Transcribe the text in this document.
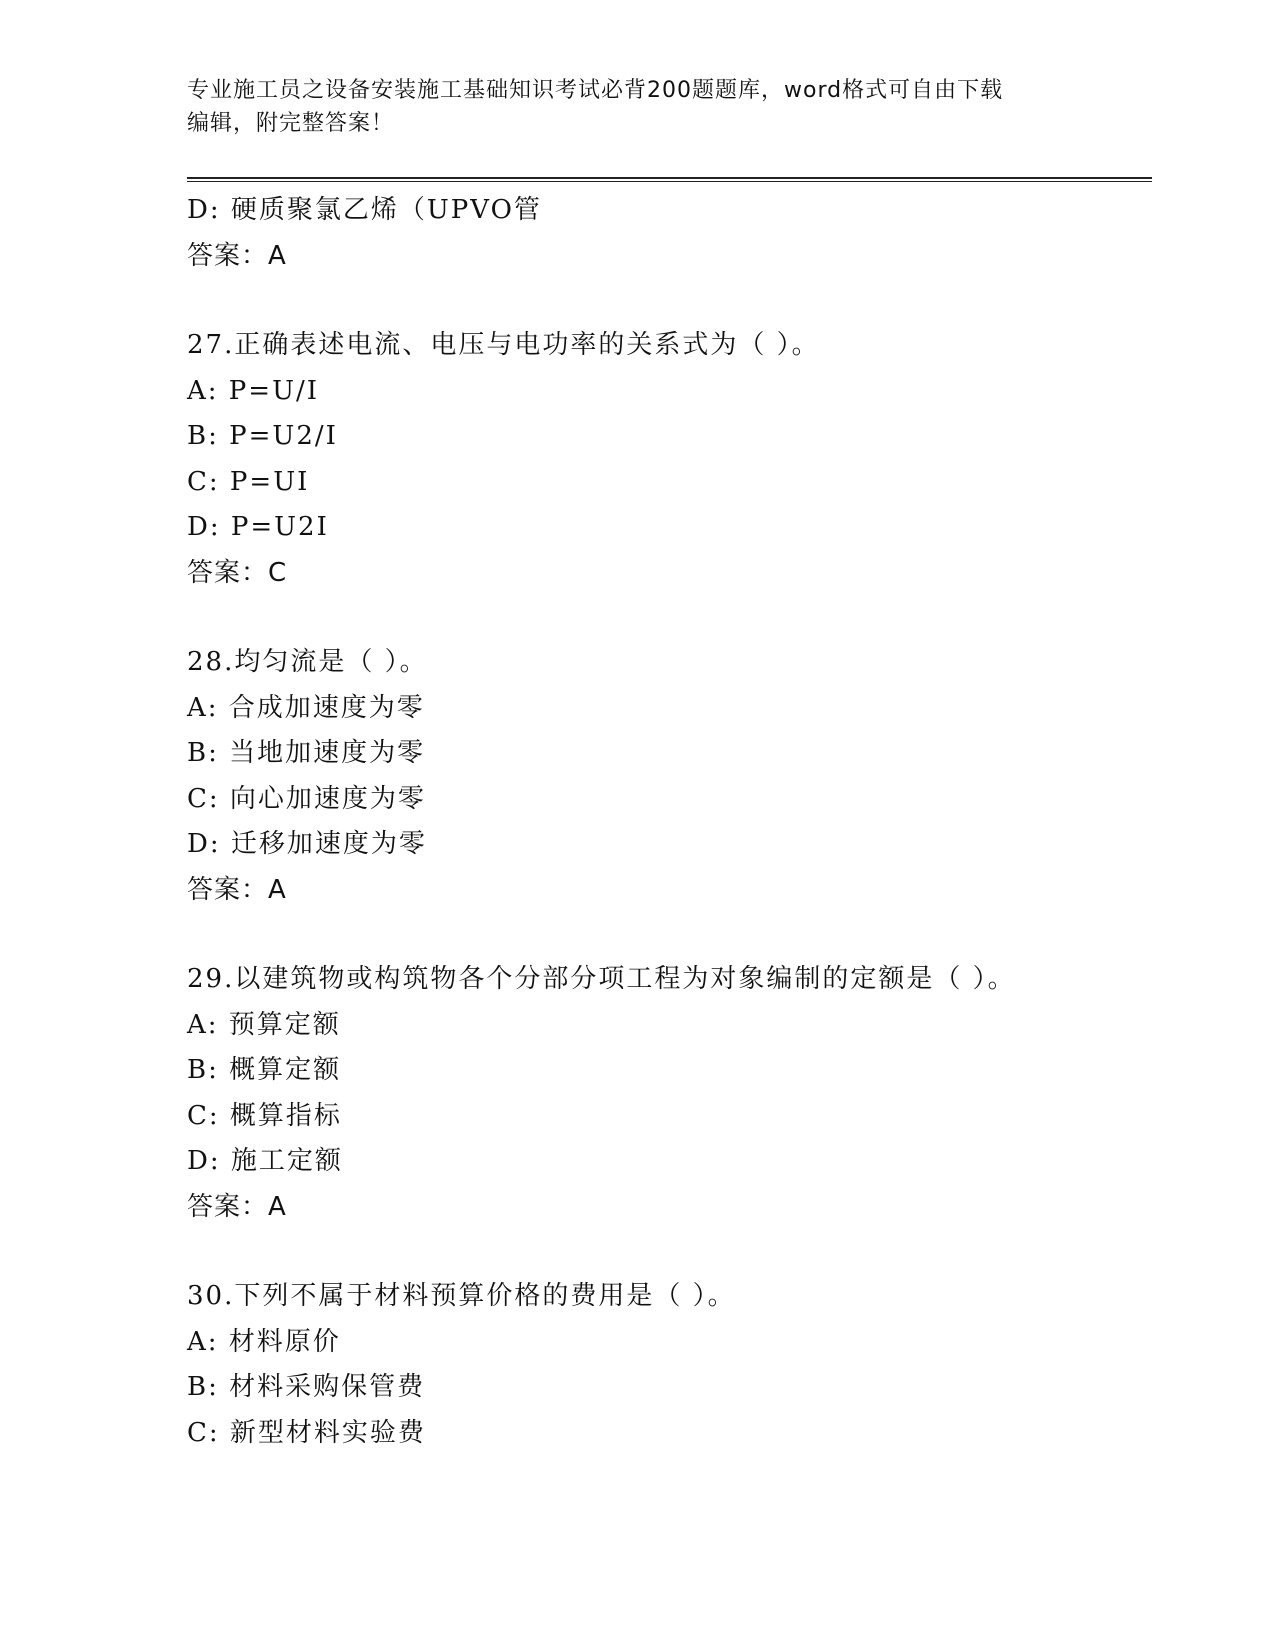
专业施工员之设备安装施工基础知识考试必背200题题库，word格式可自由下载
编辑，附完整答案！
D: 硬质聚氯乙烯（UPVO管
答案：A
27.正确表述电流、电压与电功率的关系式为（ ）。
A: P=U/I
B: P=U2/I
C: P=UI
D: P=U2I
答案：C
28.均匀流是（ ）。
A: 合成加速度为零
B: 当地加速度为零
C: 向心加速度为零
D: 迁移加速度为零
答案：A
29.以建筑物或构筑物各个分部分项工程为对象编制的定额是（ ）。
A: 预算定额
B: 概算定额
C: 概算指标
D: 施工定额
答案：A
30.下列不属于材料预算价格的费用是（ ）。
A: 材料原价
B: 材料采购保管费
C: 新型材料实验费
